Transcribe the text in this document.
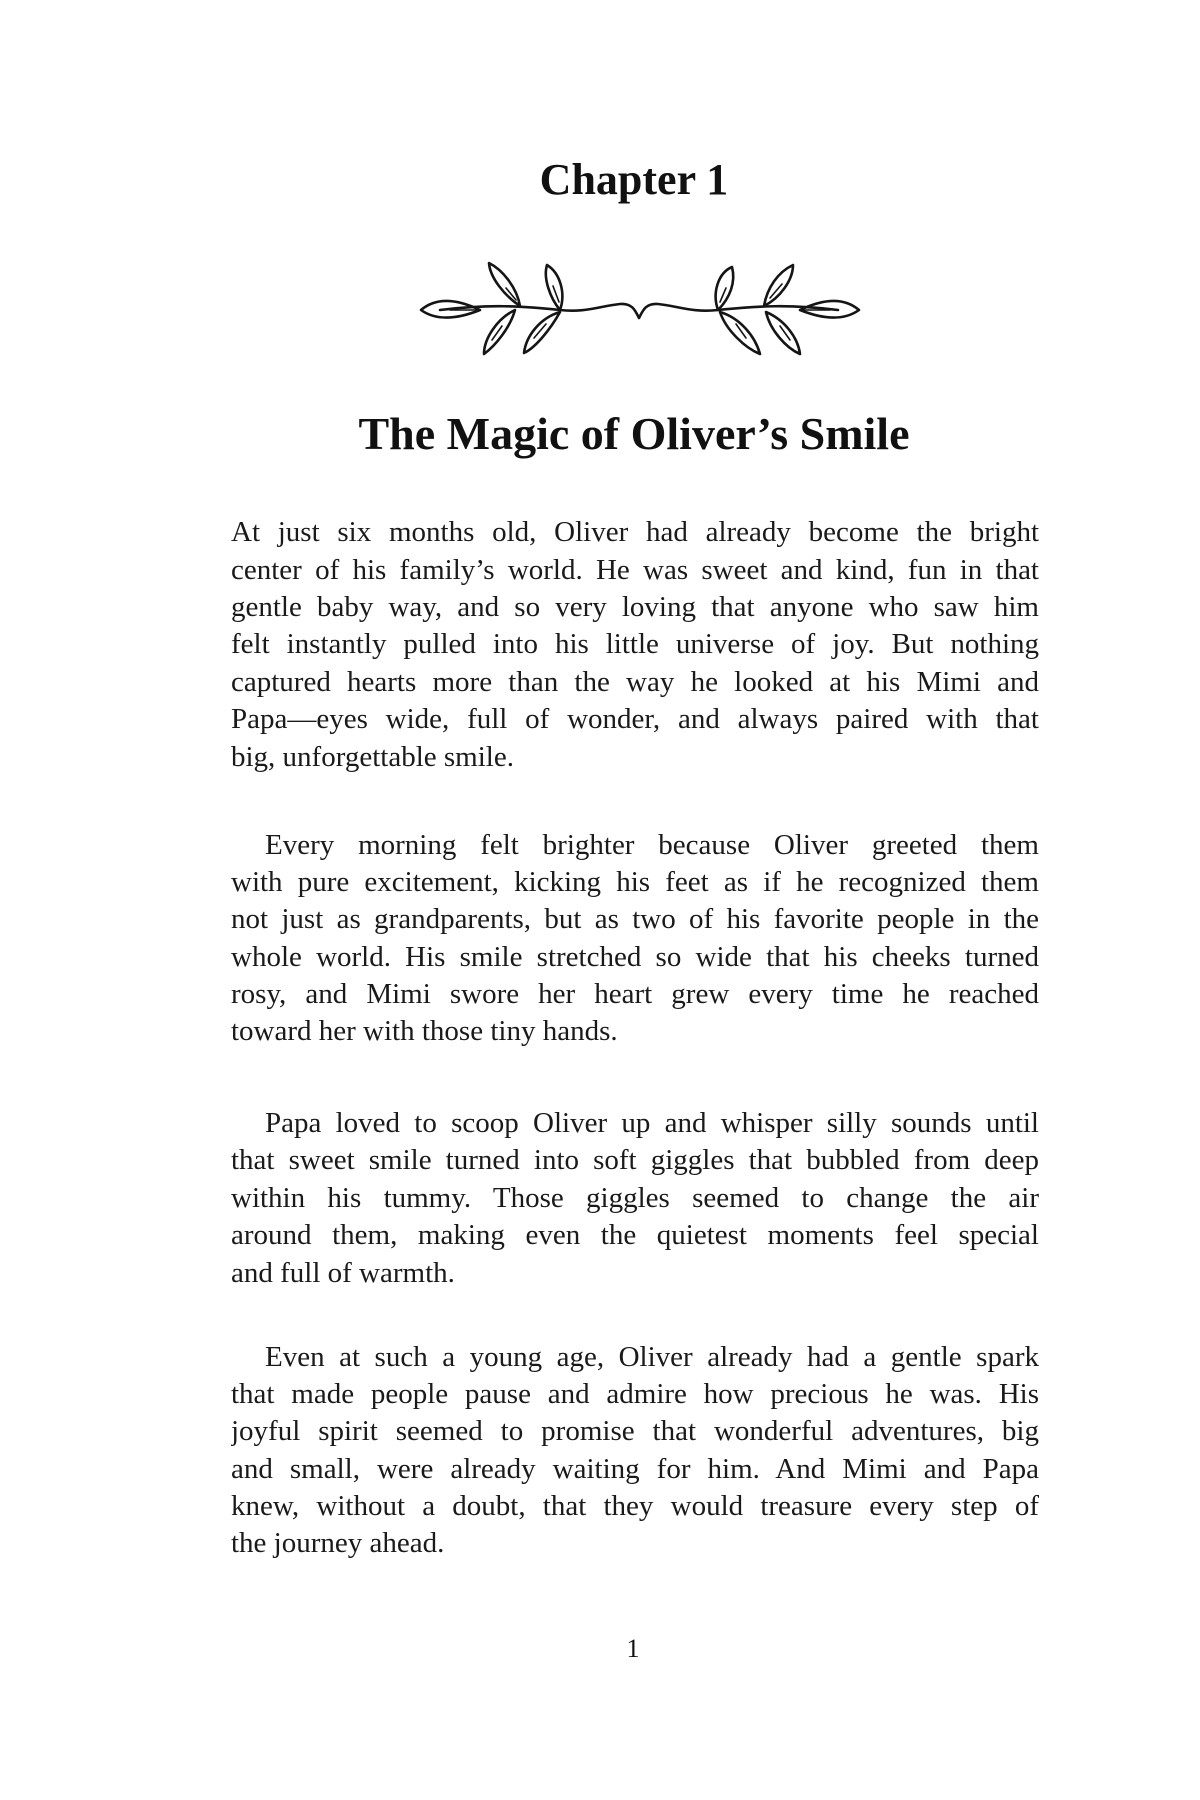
Chapter 1
The Magic of Oliver’s Smile
At just six months old, Oliver had already become the bright
center of his family’s world. He was sweet and kind, fun in that
gentle baby way, and so very loving that anyone who saw him
felt instantly pulled into his little universe of joy. But nothing
captured hearts more than the way he looked at his Mimi and
Papa—eyes wide, full of wonder, and always paired with that
big, unforgettable smile.
Every morning felt brighter because Oliver greeted them
with pure excitement, kicking his feet as if he recognized them
not just as grandparents, but as two of his favorite people in the
whole world. His smile stretched so wide that his cheeks turned
rosy, and Mimi swore her heart grew every time he reached
toward her with those tiny hands.
Papa loved to scoop Oliver up and whisper silly sounds until
that sweet smile turned into soft giggles that bubbled from deep
within his tummy. Those giggles seemed to change the air
around them, making even the quietest moments feel special
and full of warmth.
Even at such a young age, Oliver already had a gentle spark
that made people pause and admire how precious he was. His
joyful spirit seemed to promise that wonderful adventures, big
and small, were already waiting for him. And Mimi and Papa
knew, without a doubt, that they would treasure every step of
the journey ahead.
1
